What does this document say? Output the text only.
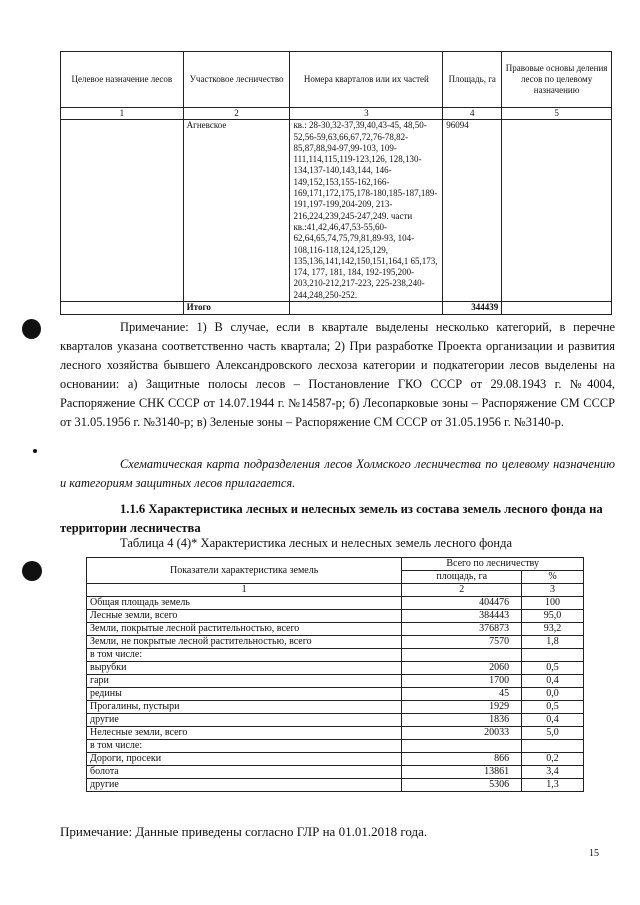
Целевое назначение лесов	Участковое лесничество	Номера кварталов или их частей	Площадь, га	Правовые основы деления лесов по целевому назначению
1	2	3	4	5
	Агневское	кв.: 28-30,32-37,39,40,43-45, 48,50-52,56-59,63,66,67,72,76-78,82-85,87,88,94-97,99-103, 109-111,114,115,119-123,126, 128,130-134,137-140,143,144, 146-149,152,153,155-162,166-169,171,172,175,178-180,185-187,189-191,197-199,204-209, 213-216,224,239,245-247,249. части кв.:41,42,46,47,53-55,60-62,64,65,74,75,79,81,89-93, 104-108,116-118,124,125,129, 135,136,141,142,150,151,164,1 65,173, 174, 177, 181, 184, 192-195,200-203,210-212,217-223, 225-238,240-244,248,250-252.	96094	
	Итого		344439	

Примечание: 1) В случае, если в квартале выделены несколько категорий, в перечне кварталов указана соответственно часть квартала; 2) При разработке Проекта организации и развития лесного хозяйства бывшего Александровского лесхоза категории и подкатегории лесов выделены на основании: а) Защитные полосы лесов – Постановление ГКО СССР от 29.08.1943 г. №4004, Распоряжение СНК СССР от 14.07.1944 г. №14587-р; б) Лесопарковые зоны – Распоряжение СМ СССР от 31.05.1956 г. №3140-р; в) Зеленые зоны – Распоряжение СМ СССР от 31.05.1956 г. №3140-р.

Схематическая карта подразделения лесов Холмского лесничества по целевому назначению и категориям защитных лесов прилагается.

1.1.6 Характеристика лесных и нелесных земель из состава земель лесного фонда на территории лесничества

Таблица 4 (4)* Характеристика лесных и нелесных земель лесного фонда
Показатели характеристика земель	Всего по лесничеству	
	площадь, га	%
1	2	3
Общая площадь земель	404476	100
Лесные земли, всего	384443	95,0
Земли, покрытые лесной растительностью, всего	376873	93,2
Земли, не покрытые лесной растительностью, всего	7570	1,8
в том числе:		
вырубки	2060	0,5
гари	1700	0,4
редины	45	0,0
Прогалины, пустыри	1929	0,5
другие	1836	0,4
Нелесные земли, всего	20033	5,0
в том числе:		
Дороги, просеки	866	0,2
болота	13861	3,4
другие	5306	1,3

Примечание: Данные приведены согласно ГЛР на 01.01.2018 года.

15
